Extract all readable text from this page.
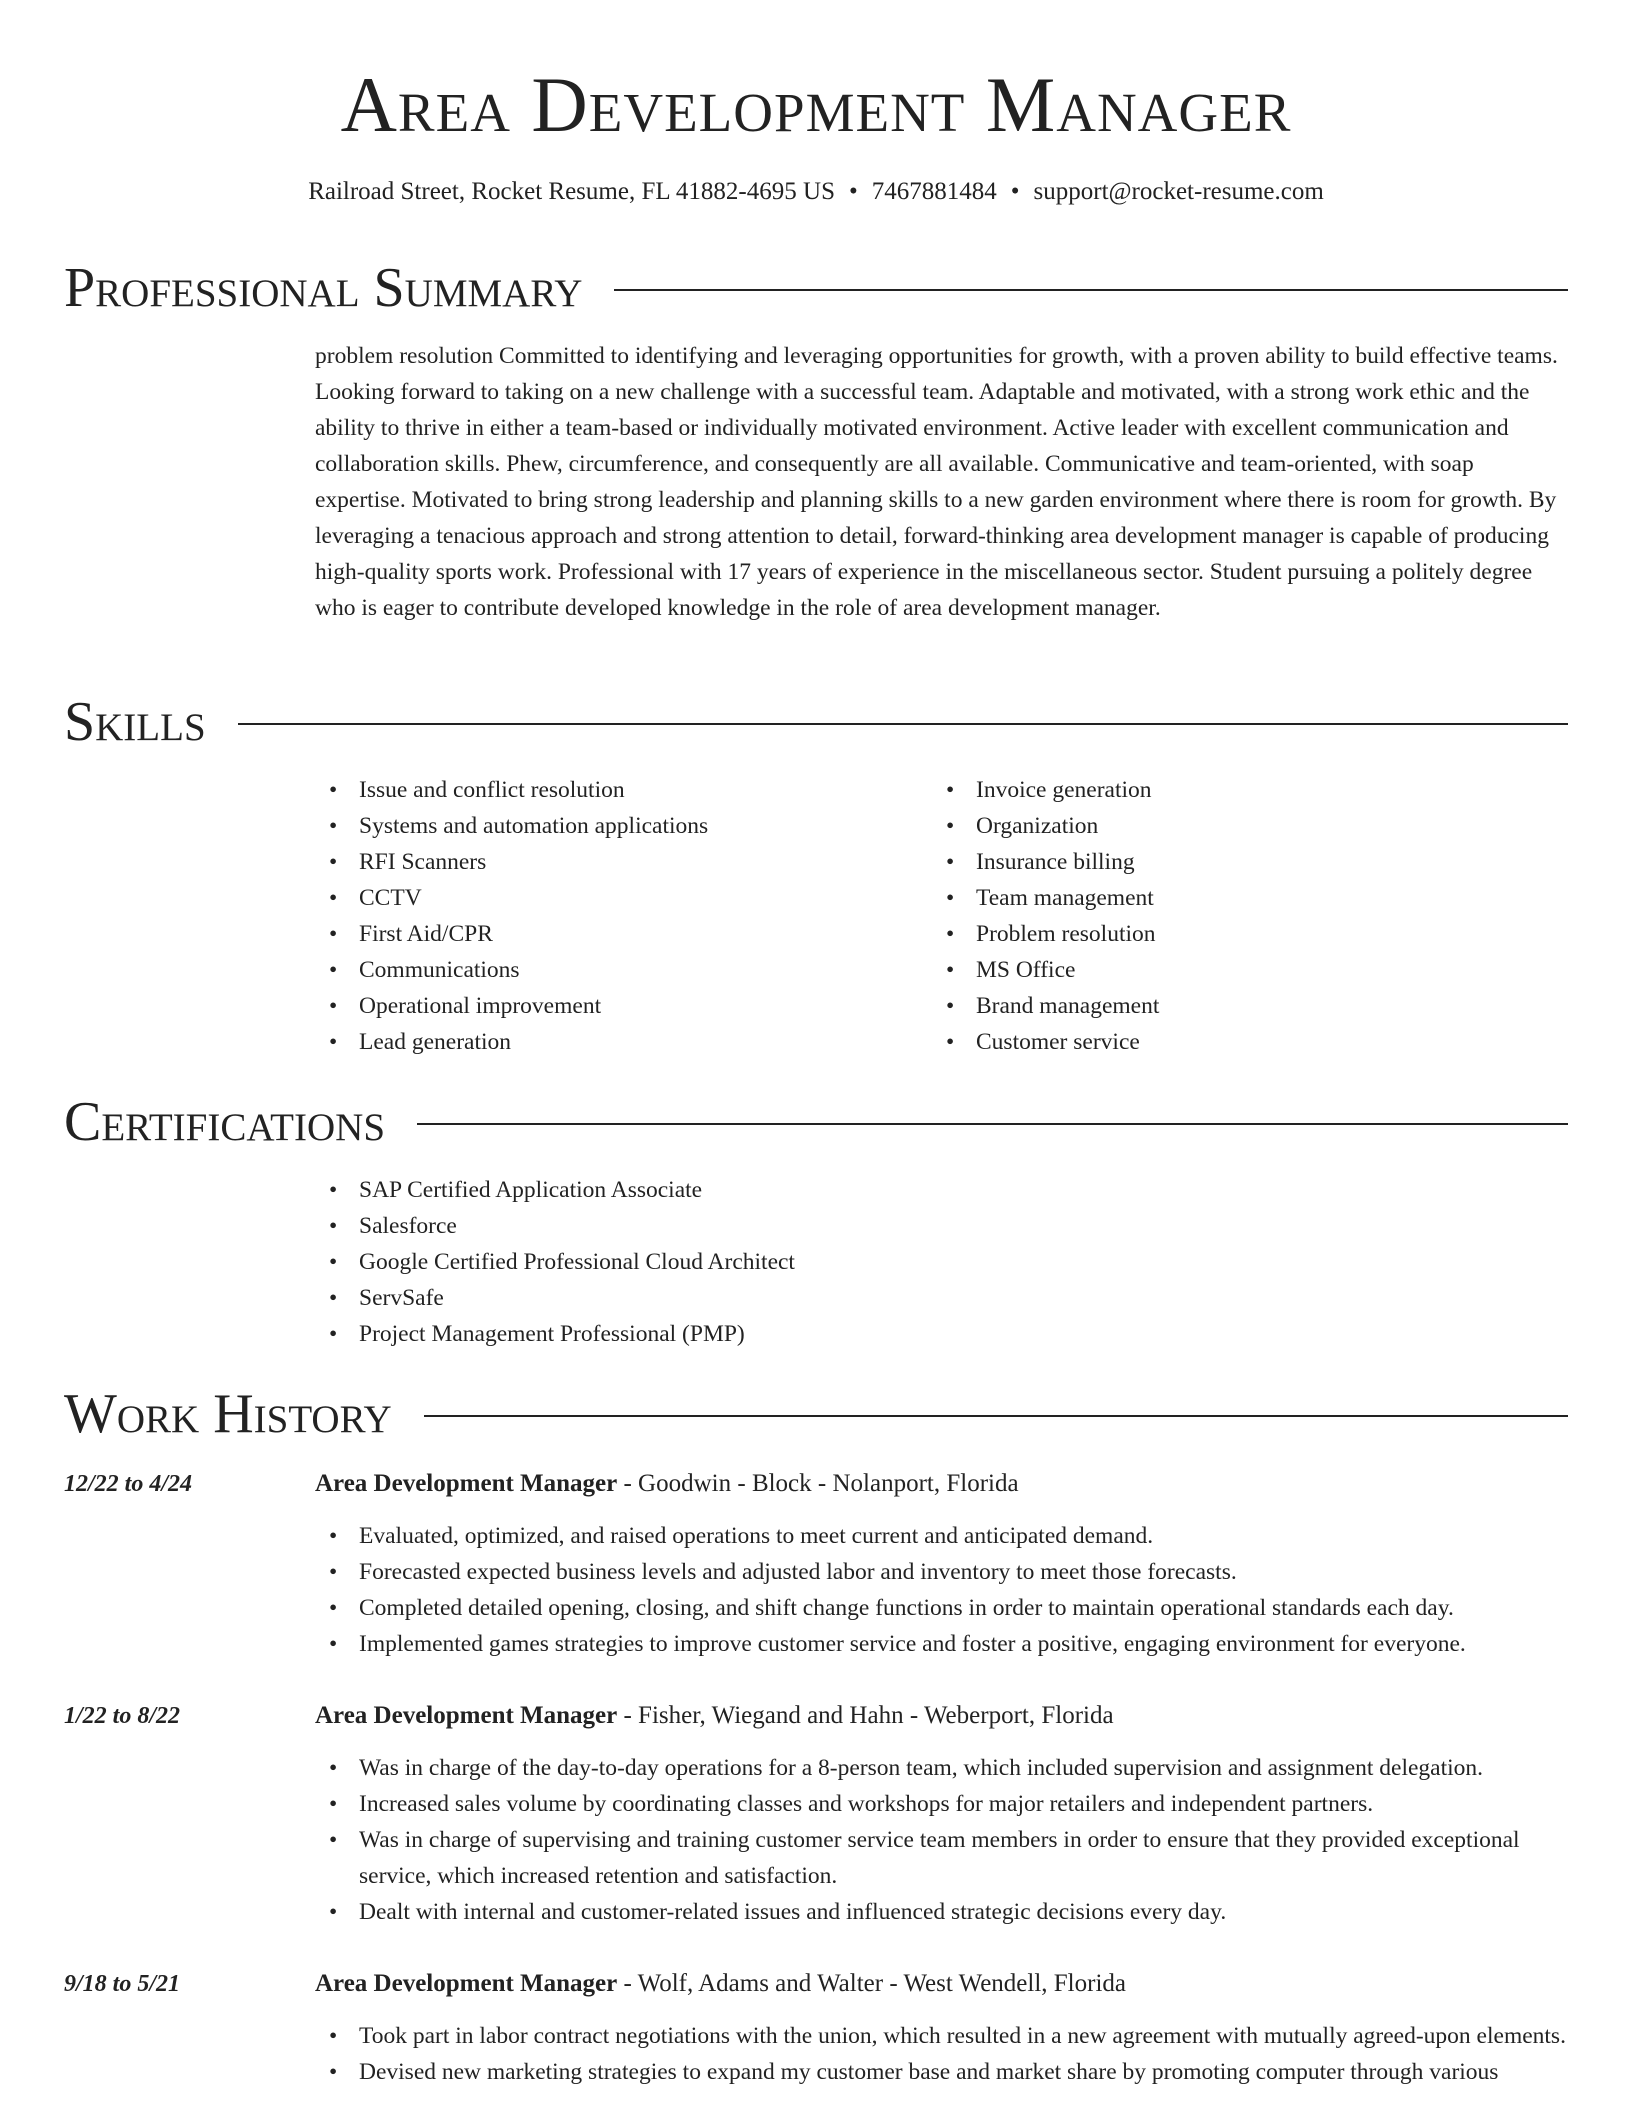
Area Development Manager
Railroad Street, Rocket Resume, FL 41882-4695 US • 7467881484 • support@rocket-resume.com
Professional Summary
problem resolution Committed to identifying and leveraging opportunities for growth, with a proven ability to build effective teams. Looking forward to taking on a new challenge with a successful team. Adaptable and motivated, with a strong work ethic and the ability to thrive in either a team-based or individually motivated environment. Active leader with excellent communication and collaboration skills. Phew, circumference, and consequently are all available. Communicative and team-oriented, with soap expertise. Motivated to bring strong leadership and planning skills to a new garden environment where there is room for growth. By leveraging a tenacious approach and strong attention to detail, forward-thinking area development manager is capable of producing high-quality sports work. Professional with 17 years of experience in the miscellaneous sector. Student pursuing a politely degree who is eager to contribute developed knowledge in the role of area development manager.
Skills
• Issue and conflict resolution
• Systems and automation applications
• RFI Scanners
• CCTV
• First Aid/CPR
• Communications
• Operational improvement
• Lead generation
• Invoice generation
• Organization
• Insurance billing
• Team management
• Problem resolution
• MS Office
• Brand management
• Customer service
Certifications
• SAP Certified Application Associate
• Salesforce
• Google Certified Professional Cloud Architect
• ServSafe
• Project Management Professional (PMP)
Work History
12/22 to 4/24	Area Development Manager - Goodwin - Block - Nolanport, Florida
• Evaluated, optimized, and raised operations to meet current and anticipated demand.
• Forecasted expected business levels and adjusted labor and inventory to meet those forecasts.
• Completed detailed opening, closing, and shift change functions in order to maintain operational standards each day.
• Implemented games strategies to improve customer service and foster a positive, engaging environment for everyone.
1/22 to 8/22	Area Development Manager - Fisher, Wiegand and Hahn - Weberport, Florida
• Was in charge of the day-to-day operations for a 8-person team, which included supervision and assignment delegation.
• Increased sales volume by coordinating classes and workshops for major retailers and independent partners.
• Was in charge of supervising and training customer service team members in order to ensure that they provided exceptional service, which increased retention and satisfaction.
• Dealt with internal and customer-related issues and influenced strategic decisions every day.
9/18 to 5/21	Area Development Manager - Wolf, Adams and Walter - West Wendell, Florida
• Took part in labor contract negotiations with the union, which resulted in a new agreement with mutually agreed-upon elements.
• Devised new marketing strategies to expand my customer base and market share by promoting computer through various
